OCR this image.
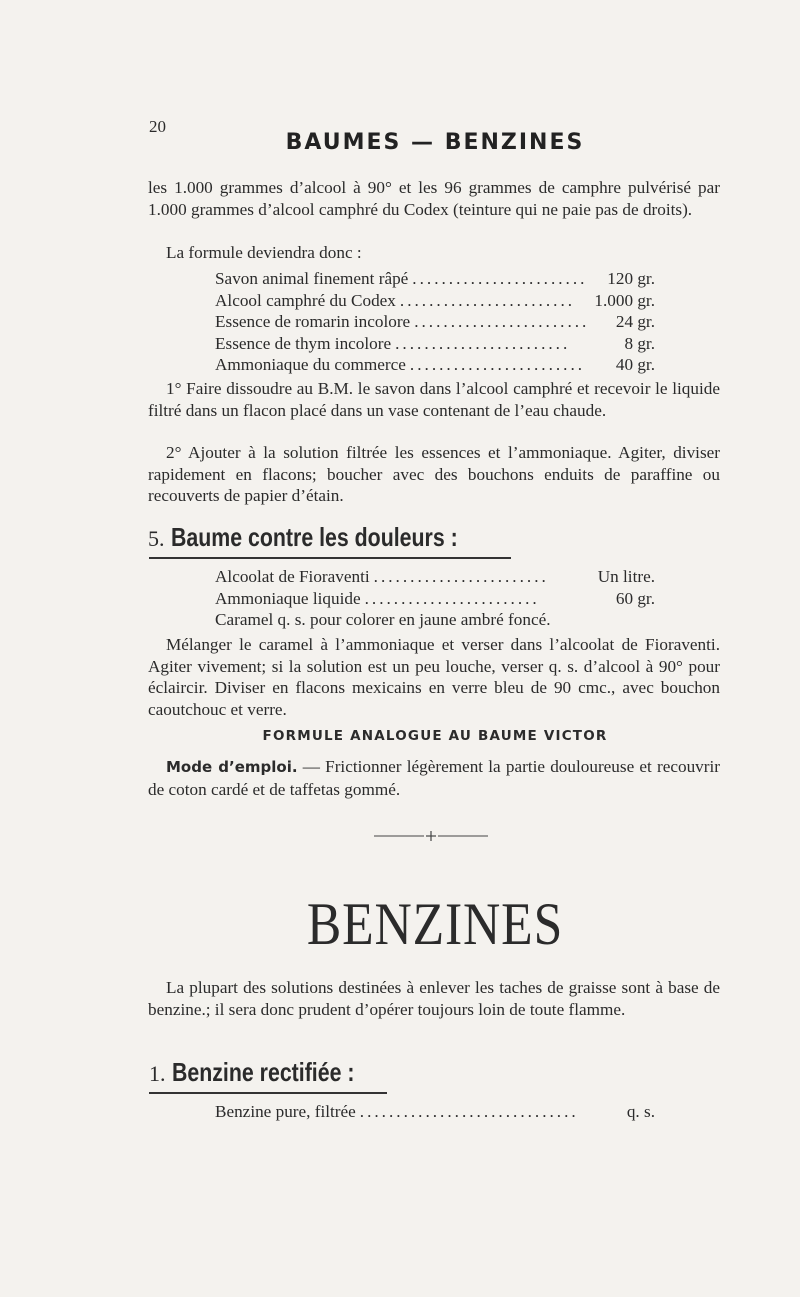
20
BAUMES — BENZINES
les 1.000 grammes d’alcool à 90° et les 96 grammes de camphre pulvérisé par 1.000 grammes d’alcool camphré du Codex (teinture qui ne paie pas de droits).
La formule deviendra donc :
Savon animal finement râpé ........................	120 gr.
Alcool camphré du Codex ........................	1.000 gr.
Essence de romarin incolore ........................	24 gr.
Essence de thym incolore ........................	8 gr.
Ammoniaque du commerce ........................	40 gr.
1° Faire dissoudre au B.M. le savon dans l’alcool camphré et recevoir le liquide filtré dans un flacon placé dans un vase contenant de l’eau chaude.
2° Ajouter à la solution filtrée les essences et l’ammoniaque. Agiter, diviser rapidement en flacons; boucher avec des bouchons enduits de paraffine ou recouverts de papier d’étain.
5. Baume contre les douleurs :
Alcoolat de Fioraventi ........................	Un litre.
Ammoniaque liquide ........................	60 gr.
Caramel q. s. pour colorer en jaune ambré foncé.
Mélanger le caramel à l’ammoniaque et verser dans l’alcoolat de Fioraventi. Agiter vivement; si la solution est un peu louche, verser q. s. d’alcool à 90° pour éclaircir. Diviser en flacons mexicains en verre bleu de 90 cmc., avec bouchon caoutchouc et verre.
FORMULE ANALOGUE AU BAUME VICTOR
Mode d’emploi. — Frictionner légèrement la partie douloureuse et recouvrir de coton cardé et de taffetas gommé.
BENZINES
La plupart des solutions destinées à enlever les taches de graisse sont à base de benzine.; il sera donc prudent d’opérer toujours loin de toute flamme.
1. Benzine rectifiée :
Benzine pure, filtrée ..............................	q. s.
